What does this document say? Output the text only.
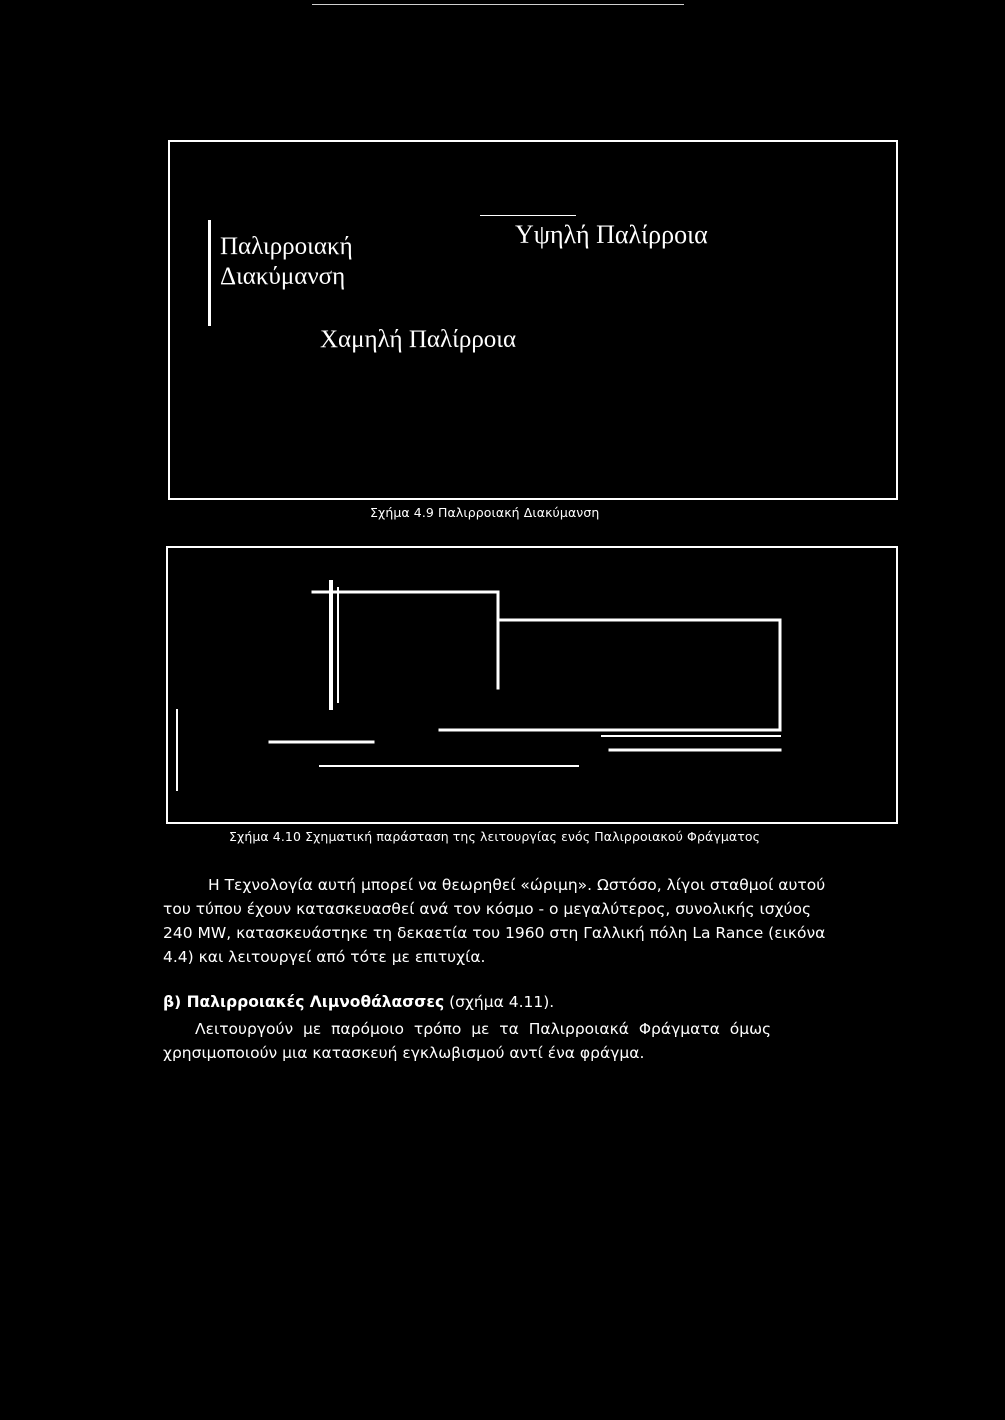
Παλιρροιακή
Διακύμανση
Υψηλή Παλίρροια
Χαμηλή Παλίρροια
Σχήμα 4.9 Παλιρροιακή Διακύμανση
Σχήμα 4.10 Σχηματική παράσταση της λειτουργίας ενός Παλιρροιακού Φράγματος
Η Τεχνολογία αυτή μπορεί να θεωρηθεί «ώριμη». Ωστόσο, λίγοι σταθμοί αυτού
του τύπου έχουν κατασκευασθεί ανά τον κόσμο - ο μεγαλύτερος, συνολικής ισχύος
240 MW, κατασκευάστηκε τη δεκαετία του 1960 στη Γαλλική πόλη La Rance (εικόνα
4.4) και λειτουργεί από τότε με επιτυχία.
β) Παλιρροιακές Λιμνοθάλασσες (σχήμα 4.11).
Λειτουργούν  με  παρόμοιο  τρόπο  με  τα  Παλιρροιακά  Φράγματα  όμως
χρησιμοποιούν μια κατασκευή εγκλωβισμού αντί ένα φράγμα.
